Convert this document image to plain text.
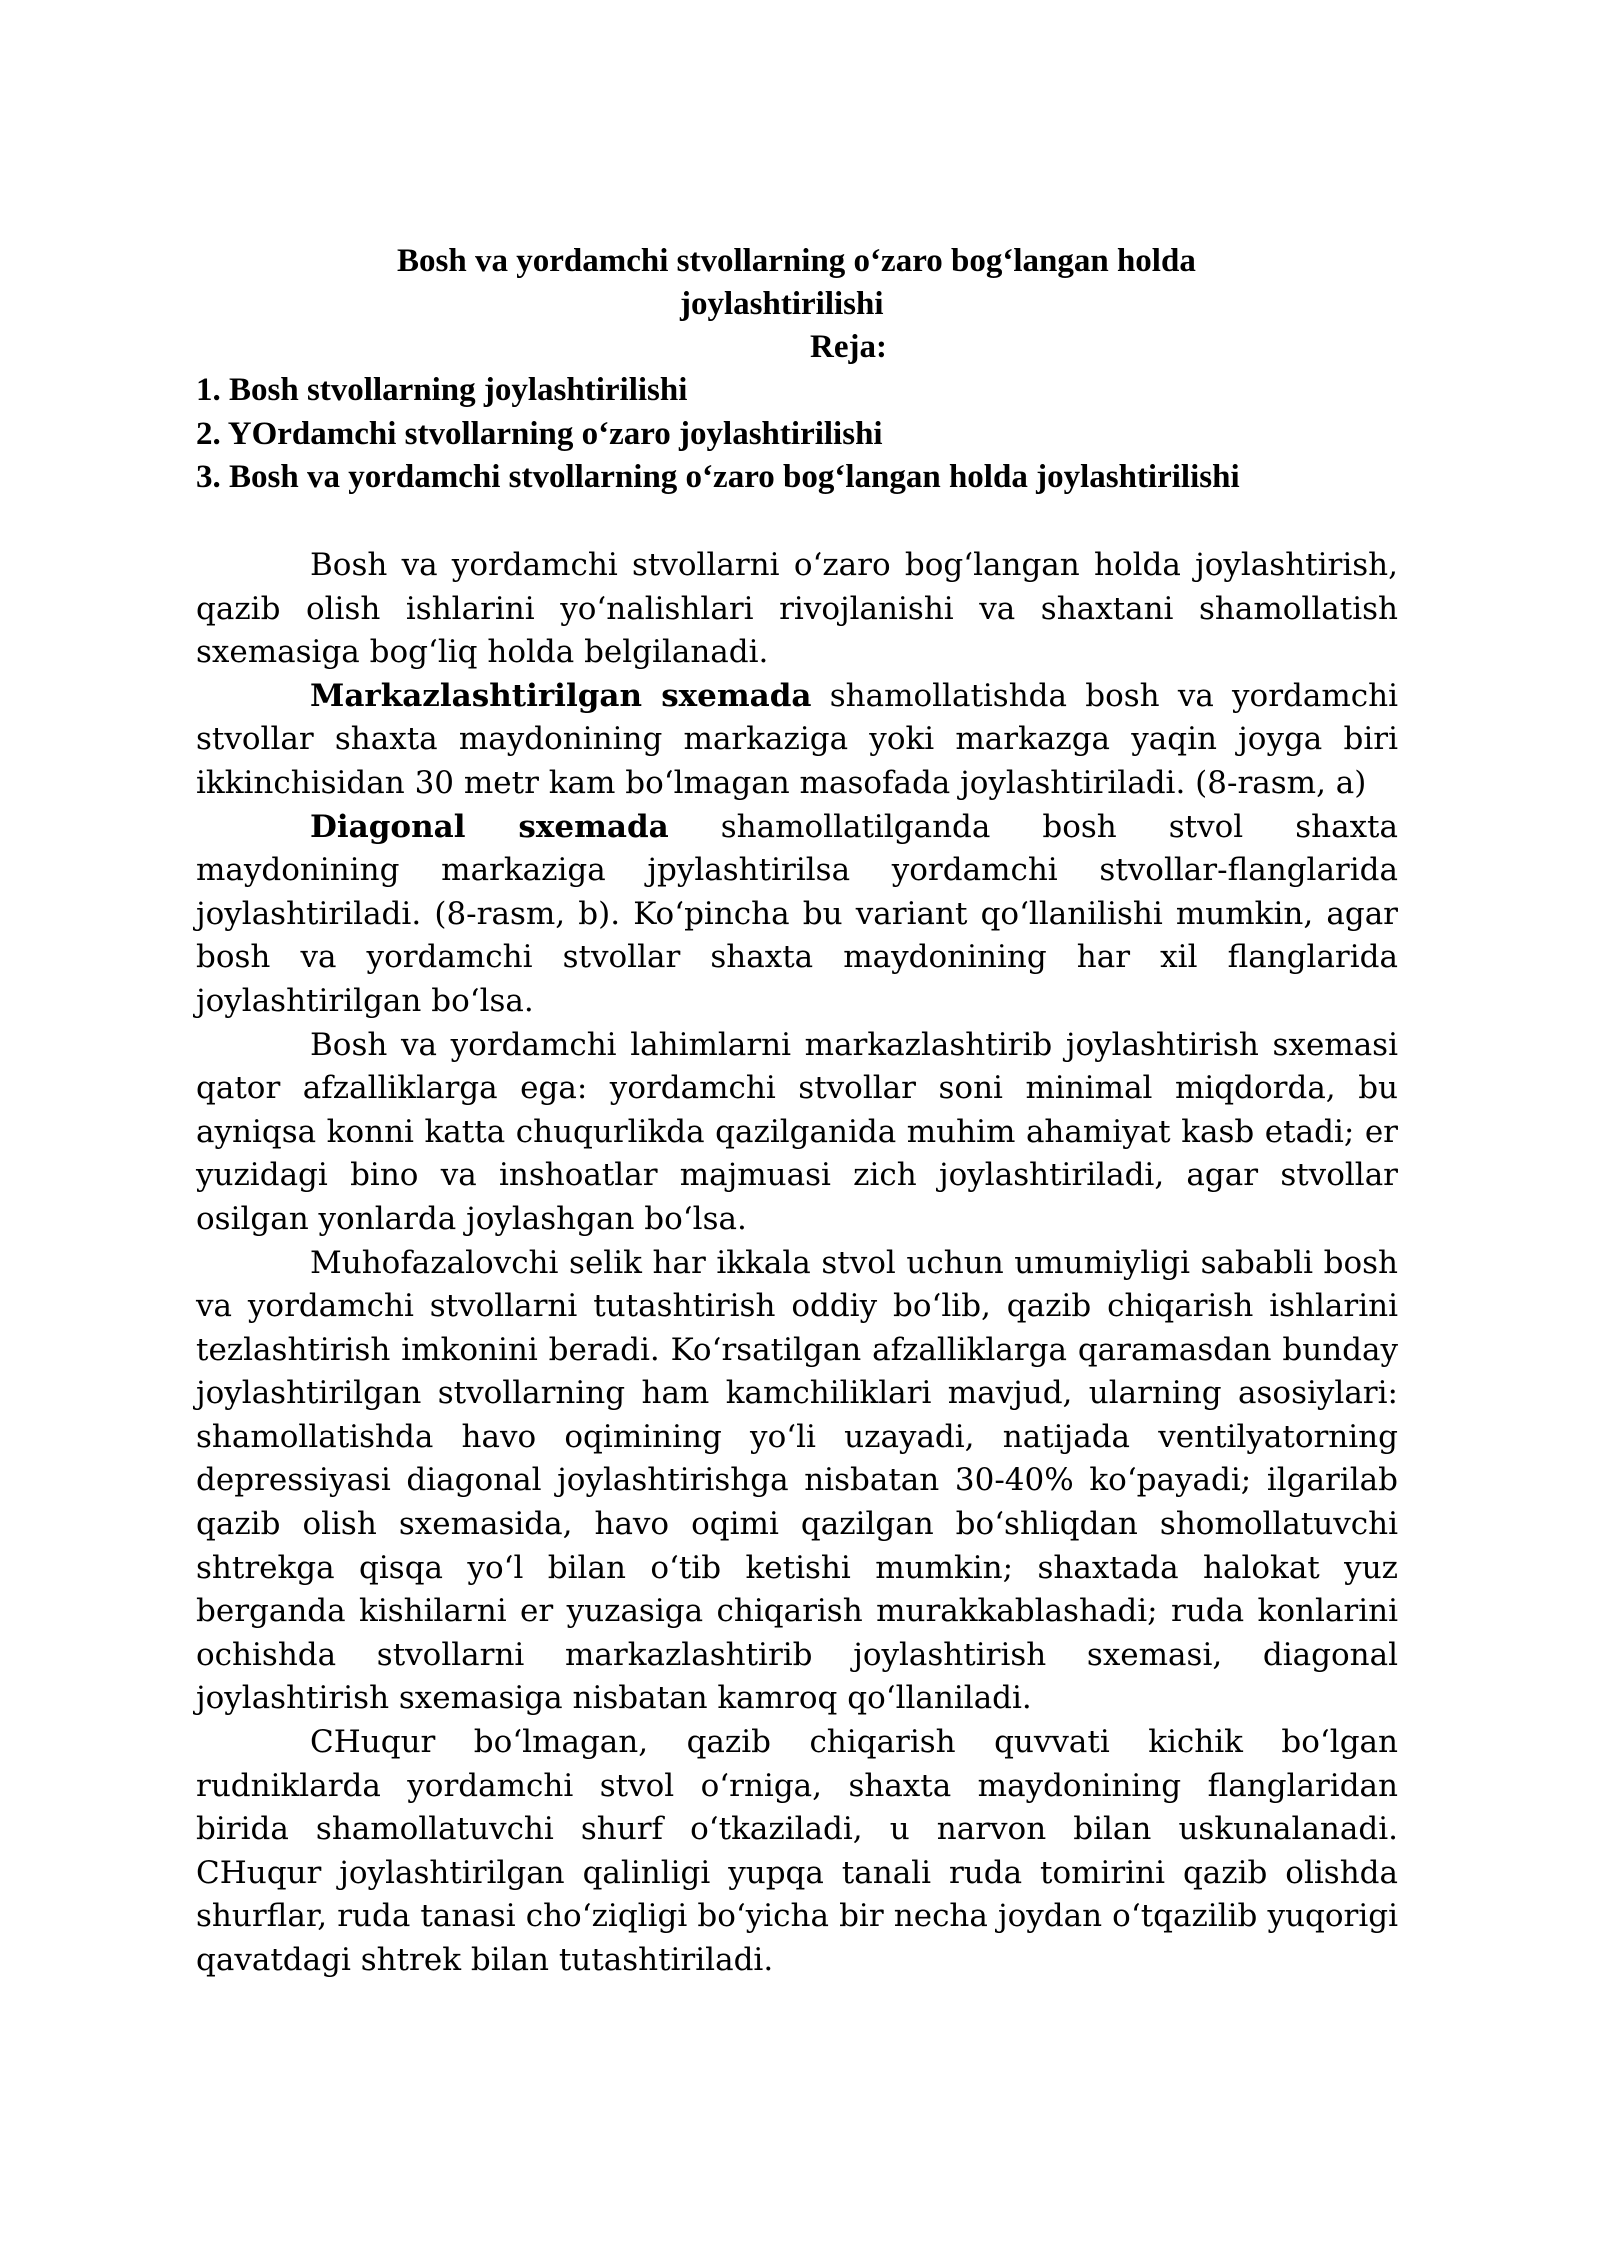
Bosh va yordamchi stvollarning o‘zaro bog‘langan holda
joylashtirilishi
Reja:
1. Bosh stvollarning joylashtirilishi
2. YOrdamchi stvollarning o‘zaro joylashtirilishi
3. Bosh va yordamchi stvollarning o‘zaro bog‘langan holda joylashtirilishi

Bosh va yordamchi stvollarni o‘zaro bog‘langan holda joylashtirish, qazib olish ishlarini yo‘nalishlari rivojlanishi va shaxtani shamollatish sxemasiga bog‘liq holda belgilanadi.

Markazlashtirilgan sxemada shamollatishda bosh va yordamchi stvollar shaxta maydonining markaziga yoki markazga yaqin joyga biri ikkinchisidan 30 metr kam bo‘lmagan masofada joylashtiriladi. (8-rasm, a)

Diagonal sxemada shamollatilganda bosh stvol shaxta maydonining markaziga jpylashtirilsa yordamchi stvollar-flanglarida joylashtiriladi. (8-rasm, b). Ko‘pincha bu variant qo‘llanilishi mumkin, agar bosh va yordamchi stvollar shaxta maydonining har xil flanglarida joylashtirilgan bo‘lsa.

Bosh va yordamchi lahimlarni markazlashtirib joylashtirish sxemasi qator afzalliklarga ega: yordamchi stvollar soni minimal miqdorda, bu ayniqsa konni katta chuqurlikda qazilganida muhim ahamiyat kasb etadi; er yuzidagi bino va inshoatlar majmuasi zich joylashtiriladi, agar stvollar osilgan yonlarda joylashgan bo‘lsa.

Muhofazalovchi selik har ikkala stvol uchun umumiyligi sababli bosh va yordamchi stvollarni tutashtirish oddiy bo‘lib, qazib chiqarish ishlarini tezlashtirish imkonini beradi. Ko‘rsatilgan afzalliklarga qaramasdan bunday joylashtirilgan stvollarning ham kamchiliklari mavjud, ularning asosiylari: shamollatishda havo oqimining yo‘li uzayadi, natijada ventilyatorning depressiyasi diagonal joylashtirishga nisbatan 30-40% ko‘payadi; ilgarilab qazib olish sxemasida, havo oqimi qazilgan bo‘shliqdan shomollatuvchi shtrekga qisqa yo‘l bilan o‘tib ketishi mumkin; shaxtada halokat yuz berganda kishilarni er yuzasiga chiqarish murakkablashadi; ruda konlarini ochishda stvollarni markazlashtirib joylashtirish sxemasi, diagonal joylashtirish sxemasiga nisbatan kamroq qo‘llaniladi.

CHuqur bo‘lmagan, qazib chiqarish quvvati kichik bo‘lgan rudniklarda yordamchi stvol o‘rniga, shaxta maydonining flanglaridan birida shamollatuvchi shurf o‘tkaziladi, u narvon bilan uskunalanadi. CHuqur joylashtirilgan qalinligi yupqa tanali ruda tomirini qazib olishda shurflar, ruda tanasi cho‘ziqligi bo‘yicha bir necha joydan o‘tqazilib yuqorigi qavatdagi shtrek bilan tutashtiriladi.
